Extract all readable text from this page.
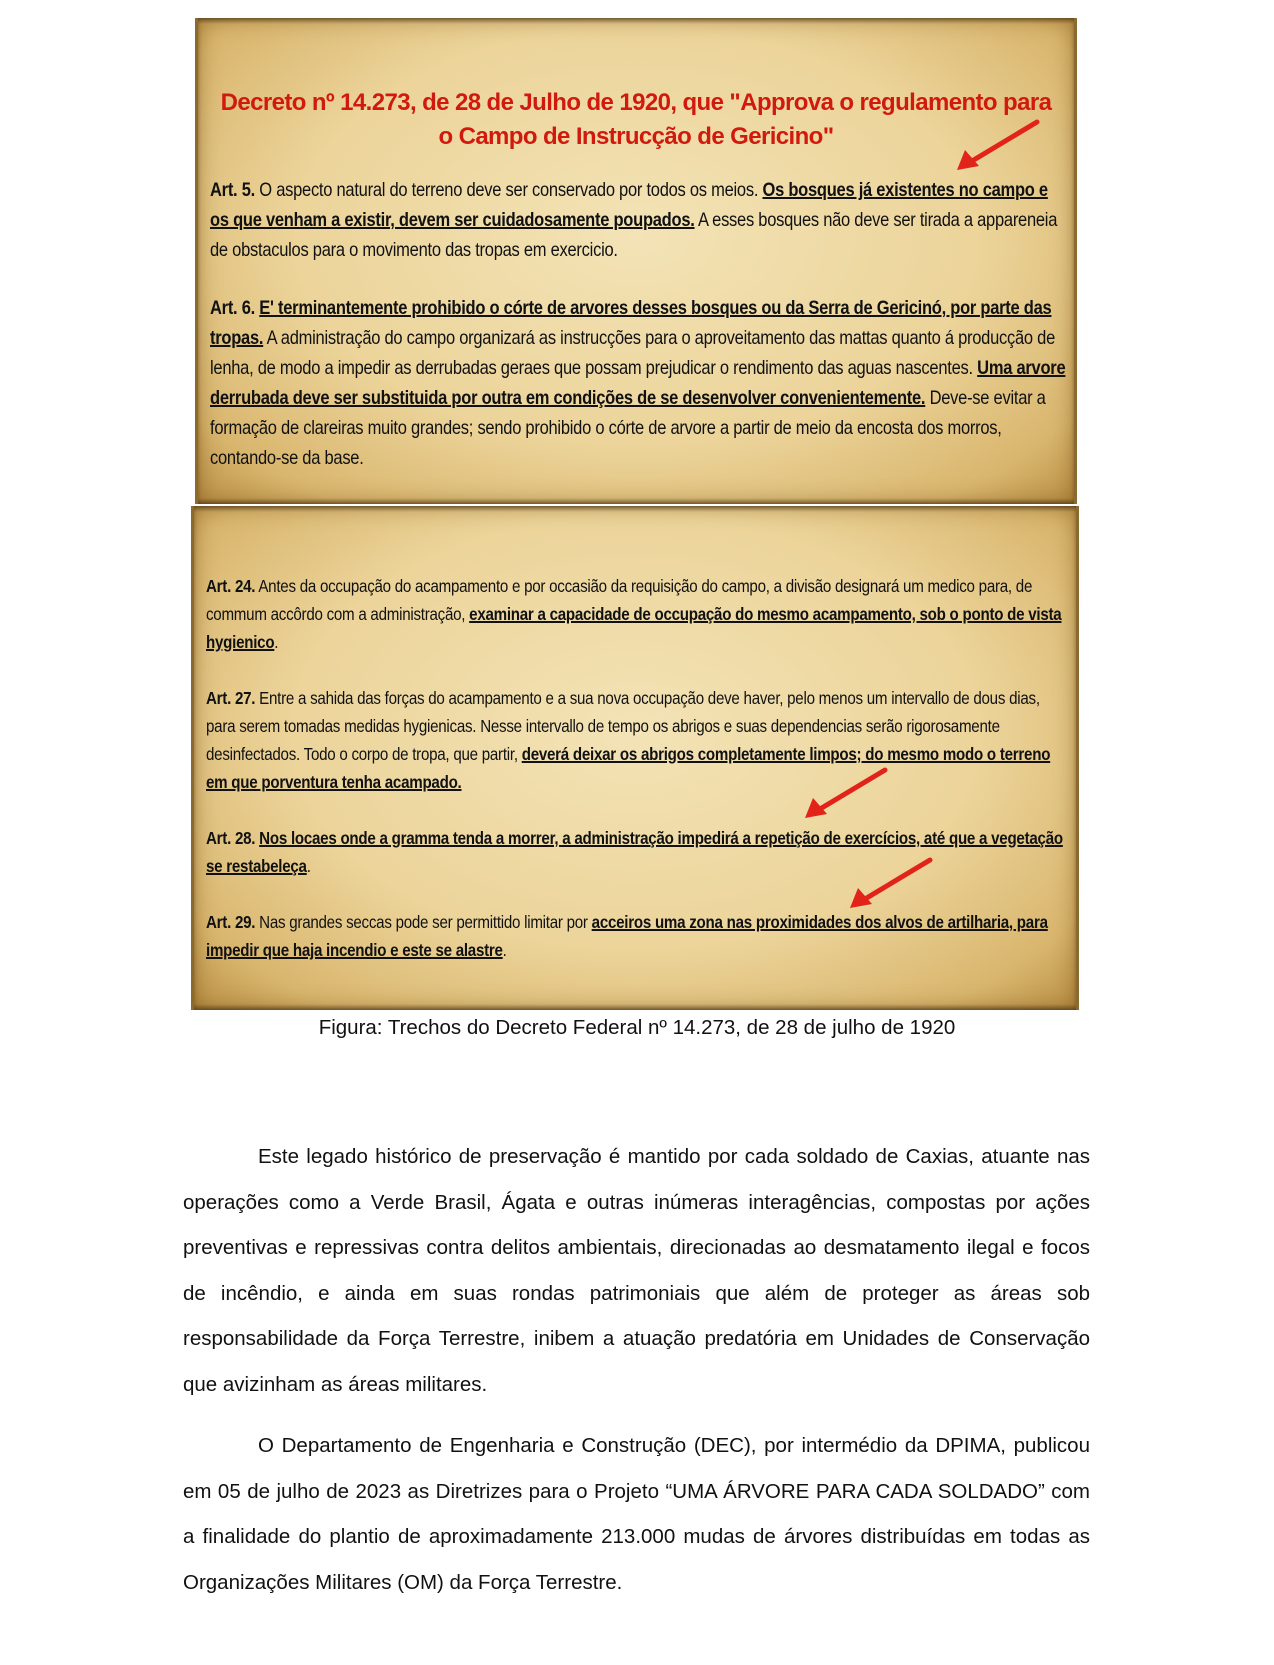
Decreto nº 14.273, de 28 de Julho de 1920, que "Approva o regulamento para o Campo de Instrucção de Gericino"
Art. 5. O aspecto natural do terreno deve ser conservado por todos os meios. Os bosques já existentes no campo e os que venham a existir, devem ser cuidadosamente poupados. A esses bosques não deve ser tirada a appareneia de obstaculos para o movimento das tropas em exercicio.
Art. 6. E' terminantemente prohibido o córte de arvores desses bosques ou da Serra de Gericinó, por parte das tropas. A administração do campo organizará as instrucções para o aproveitamento das mattas quanto á producção de lenha, de modo a impedir as derrubadas geraes que possam prejudicar o rendimento das aguas nascentes. Uma arvore derrubada deve ser substituida por outra em condições de se desenvolver convenientemente. Deve-se evitar a formação de clareiras muito grandes; sendo prohibido o córte de arvore a partir de meio da encosta dos morros, contando-se da base.
Art. 24. Antes da occupação do acampamento e por occasião da requisição do campo, a divisão designará um medico para, de commum accôrdo com a administração, examinar a capacidade de occupação do mesmo acampamento, sob o ponto de vista hygienico.
Art. 27. Entre a sahida das forças do acampamento e a sua nova occupação deve haver, pelo menos um intervallo de dous dias, para serem tomadas medidas hygienicas. Nesse intervallo de tempo os abrigos e suas dependencias serão rigorosamente desinfectados. Todo o corpo de tropa, que partir, deverá deixar os abrigos completamente limpos; do mesmo modo o terreno em que porventura tenha acampado.
Art. 28. Nos locaes onde a gramma tenda a morrer, a administração impedirá a repetição de exercícios, até que a vegetação se restabeleça.
Art. 29. Nas grandes seccas pode ser permittido limitar por acceiros uma zona nas proximidades dos alvos de artilharia, para impedir que haja incendio e este se alastre.
Figura: Trechos do Decreto Federal nº 14.273, de 28 de julho de 1920

Este legado histórico de preservação é mantido por cada soldado de Caxias, atuante nas operações como a Verde Brasil, Ágata e outras inúmeras interagências, compostas por ações preventivas e repressivas contra delitos ambientais, direcionadas ao desmatamento ilegal e focos de incêndio, e ainda em suas rondas patrimoniais que além de proteger as áreas sob responsabilidade da Força Terrestre, inibem a atuação predatória em Unidades de Conservação que avizinham as áreas militares.

O Departamento de Engenharia e Construção (DEC), por intermédio da DPIMA, publicou em 05 de julho de 2023 as Diretrizes para o Projeto “UMA ÁRVORE PARA CADA SOLDADO” com a finalidade do plantio de aproximadamente 213.000 mudas de árvores distribuídas em todas as Organizações Militares (OM) da Força Terrestre.
